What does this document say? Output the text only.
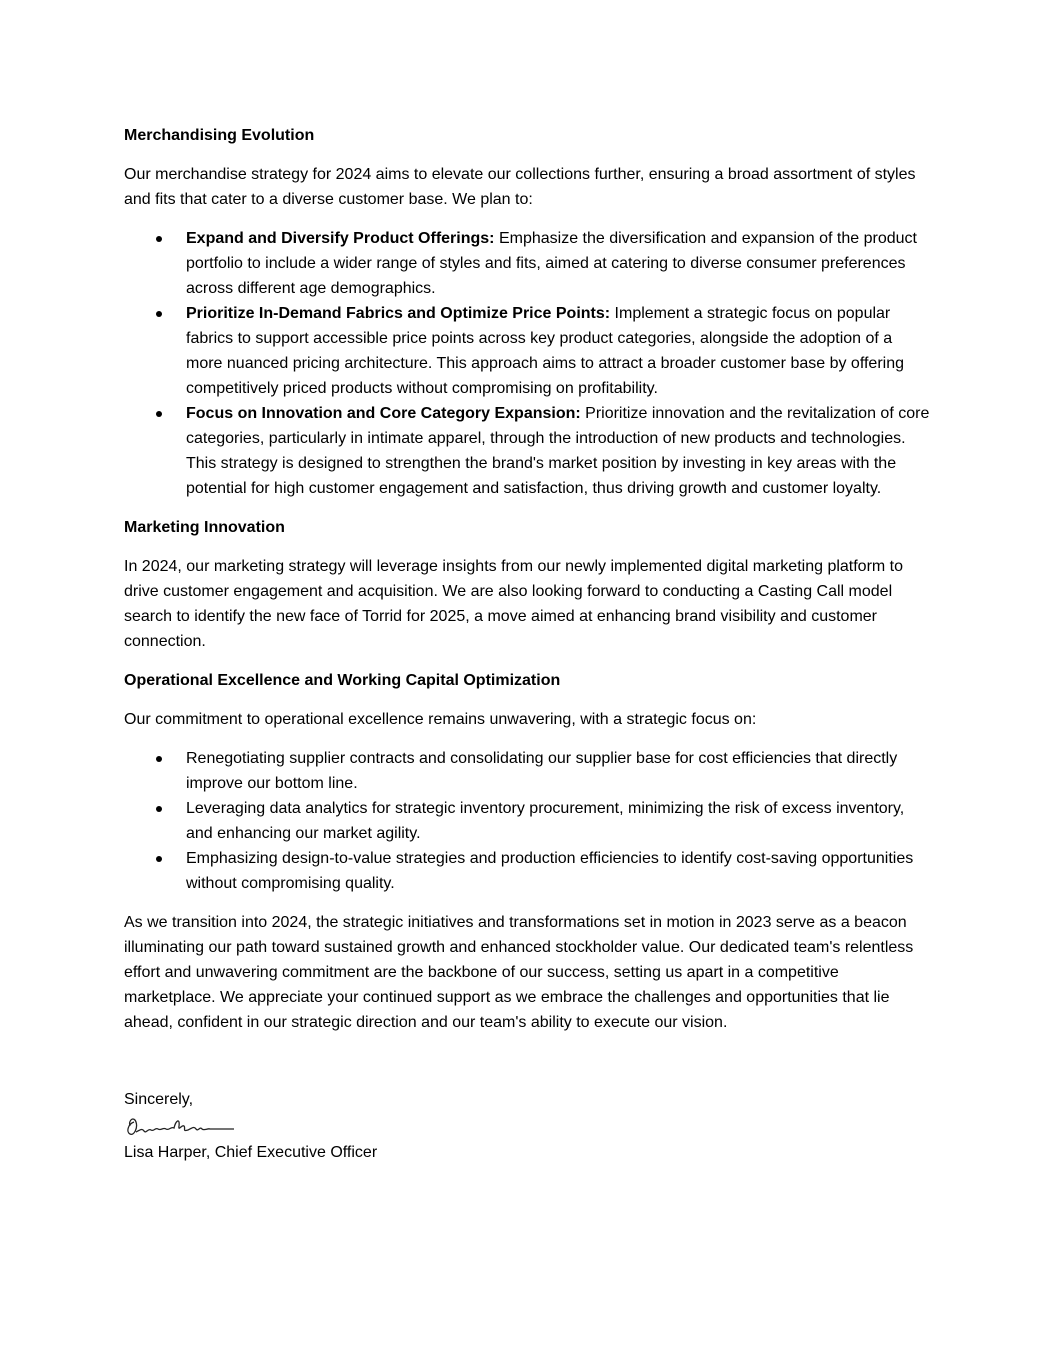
Merchandising Evolution

Our merchandise strategy for 2024 aims to elevate our collections further, ensuring a broad assortment of styles and fits that cater to a diverse customer base. We plan to:

Expand and Diversify Product Offerings: Emphasize the diversification and expansion of the product portfolio to include a wider range of styles and fits, aimed at catering to diverse consumer preferences across different age demographics.
Prioritize In-Demand Fabrics and Optimize Price Points: Implement a strategic focus on popular fabrics to support accessible price points across key product categories, alongside the adoption of a more nuanced pricing architecture. This approach aims to attract a broader customer base by offering competitively priced products without compromising on profitability.
Focus on Innovation and Core Category Expansion: Prioritize innovation and the revitalization of core categories, particularly in intimate apparel, through the introduction of new products and technologies. This strategy is designed to strengthen the brand's market position by investing in key areas with the potential for high customer engagement and satisfaction, thus driving growth and customer loyalty.
Marketing Innovation

In 2024, our marketing strategy will leverage insights from our newly implemented digital marketing platform to drive customer engagement and acquisition. We are also looking forward to conducting a Casting Call model search to identify the new face of Torrid for 2025, a move aimed at enhancing brand visibility and customer connection.

Operational Excellence and Working Capital Optimization

Our commitment to operational excellence remains unwavering, with a strategic focus on:

Renegotiating supplier contracts and consolidating our supplier base for cost efficiencies that directly improve our bottom line.
Leveraging data analytics for strategic inventory procurement, minimizing the risk of excess inventory, and enhancing our market agility.
Emphasizing design-to-value strategies and production efficiencies to identify cost-saving opportunities without compromising quality.

As we transition into 2024, the strategic initiatives and transformations set in motion in 2023 serve as a beacon illuminating our path toward sustained growth and enhanced stockholder value. Our dedicated team's relentless effort and unwavering commitment are the backbone of our success, setting us apart in a competitive marketplace. We appreciate your continued support as we embrace the challenges and opportunities that lie ahead, confident in our strategic direction and our team's ability to execute our vision.

Sincerely,

Lisa Harper, Chief Executive Officer
